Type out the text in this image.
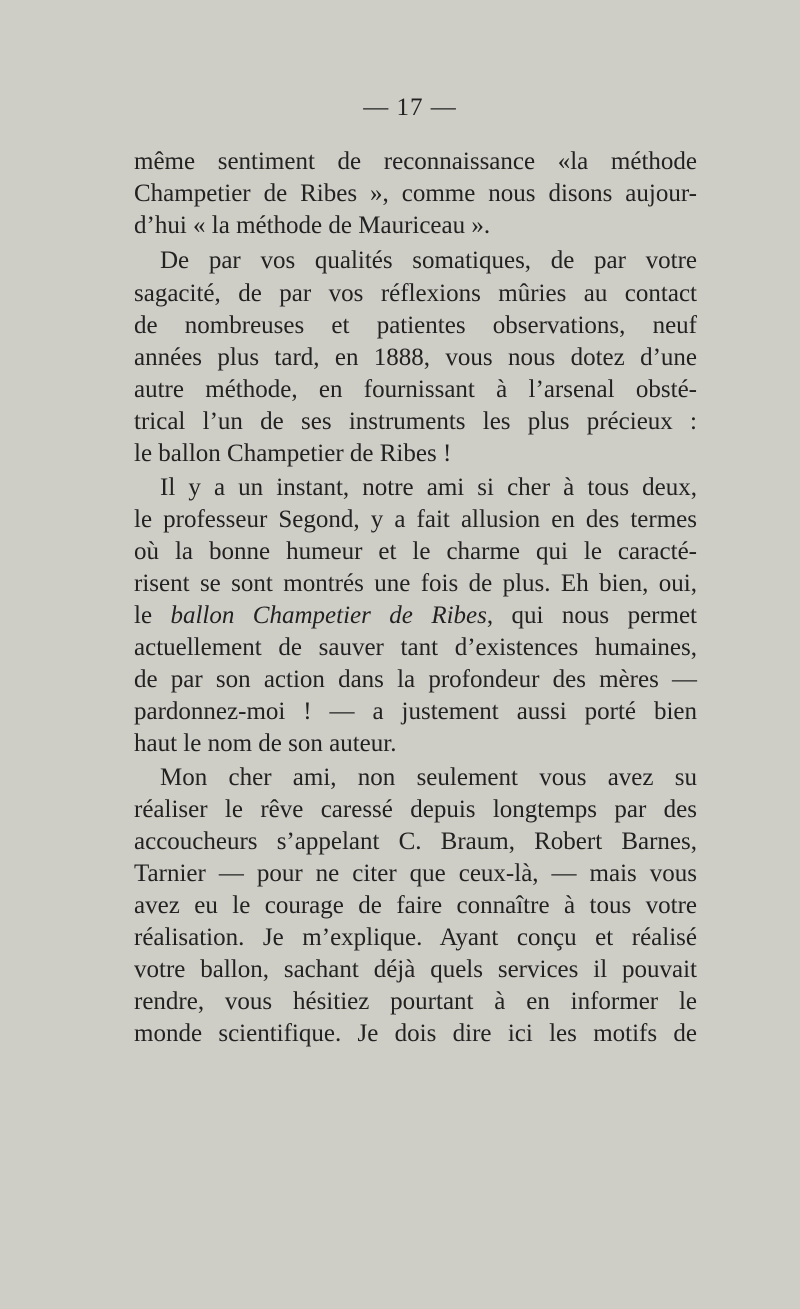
— 17 —
même sentiment de reconnaissance «la méthode
Champetier de Ribes », comme nous disons aujour-
d’hui « la méthode de Mauriceau ».
De par vos qualités somatiques, de par votre
sagacité, de par vos réflexions mûries au contact
de nombreuses et patientes observations, neuf
années plus tard, en 1888, vous nous dotez d’une
autre méthode, en fournissant à l’arsenal obsté-
trical l’un de ses instruments les plus précieux :
le ballon Champetier de Ribes !
Il y a un instant, notre ami si cher à tous deux,
le professeur Segond, y a fait allusion en des termes
où la bonne humeur et le charme qui le caracté-
risent se sont montrés une fois de plus. Eh bien, oui,
le ballon Champetier de Ribes, qui nous permet
actuellement de sauver tant d’existences humaines,
de par son action dans la profondeur des mères —
pardonnez-moi ! — a justement aussi porté bien
haut le nom de son auteur.
Mon cher ami, non seulement vous avez su
réaliser le rêve caressé depuis longtemps par des
accoucheurs s’appelant C. Braum, Robert Barnes,
Tarnier — pour ne citer que ceux-là, — mais vous
avez eu le courage de faire connaître à tous votre
réalisation. Je m’explique. Ayant conçu et réalisé
votre ballon, sachant déjà quels services il pouvait
rendre, vous hésitiez pourtant à en informer le
monde scientifique. Je dois dire ici les motifs de
